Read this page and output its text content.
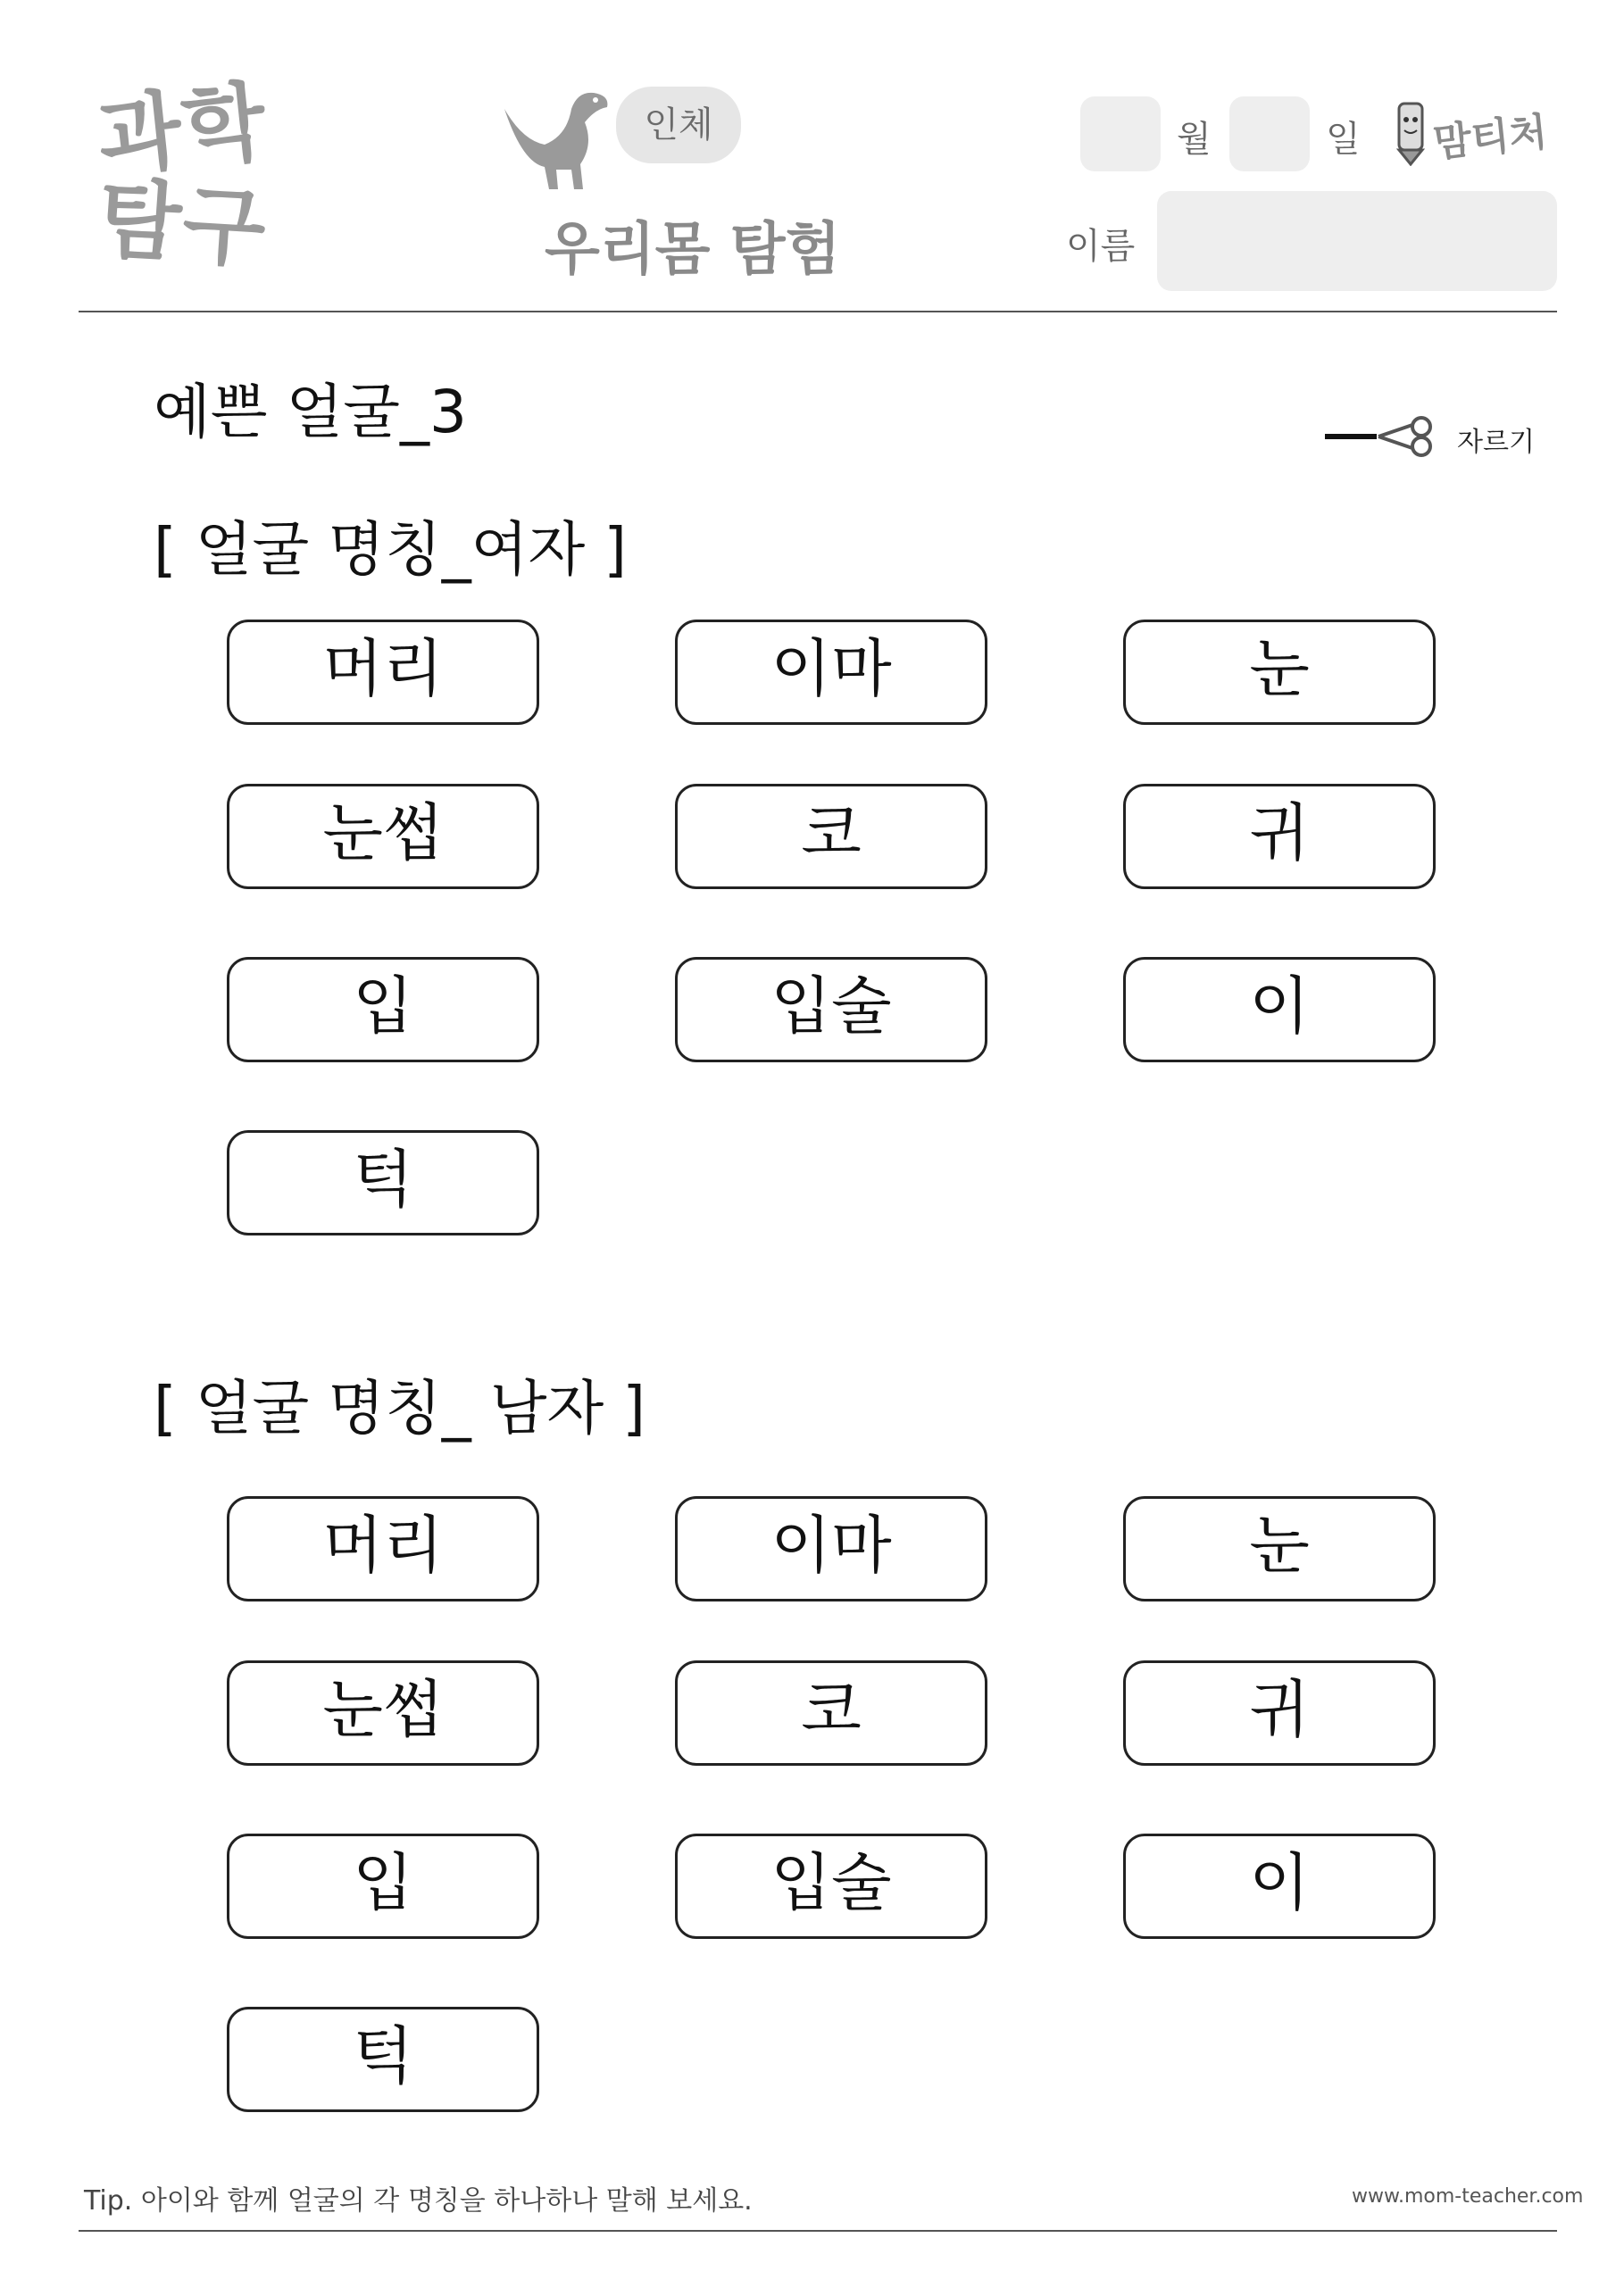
과학
탐구
인체
우리몸 탐험
월	일 맘티처
이름
예쁜 얼굴_3	자르기
[ 얼굴 명칭_여자 ]
머리	이마	눈
눈썹	코	귀
입	입술	이
턱
[ 얼굴 명칭_ 남자 ]
머리	이마	눈
눈썹	코	귀
입	입술	이
턱
Tip. 아이와 함께 얼굴의 각 명칭을 하나하나 말해 보세요.	www.mom-teacher.com
